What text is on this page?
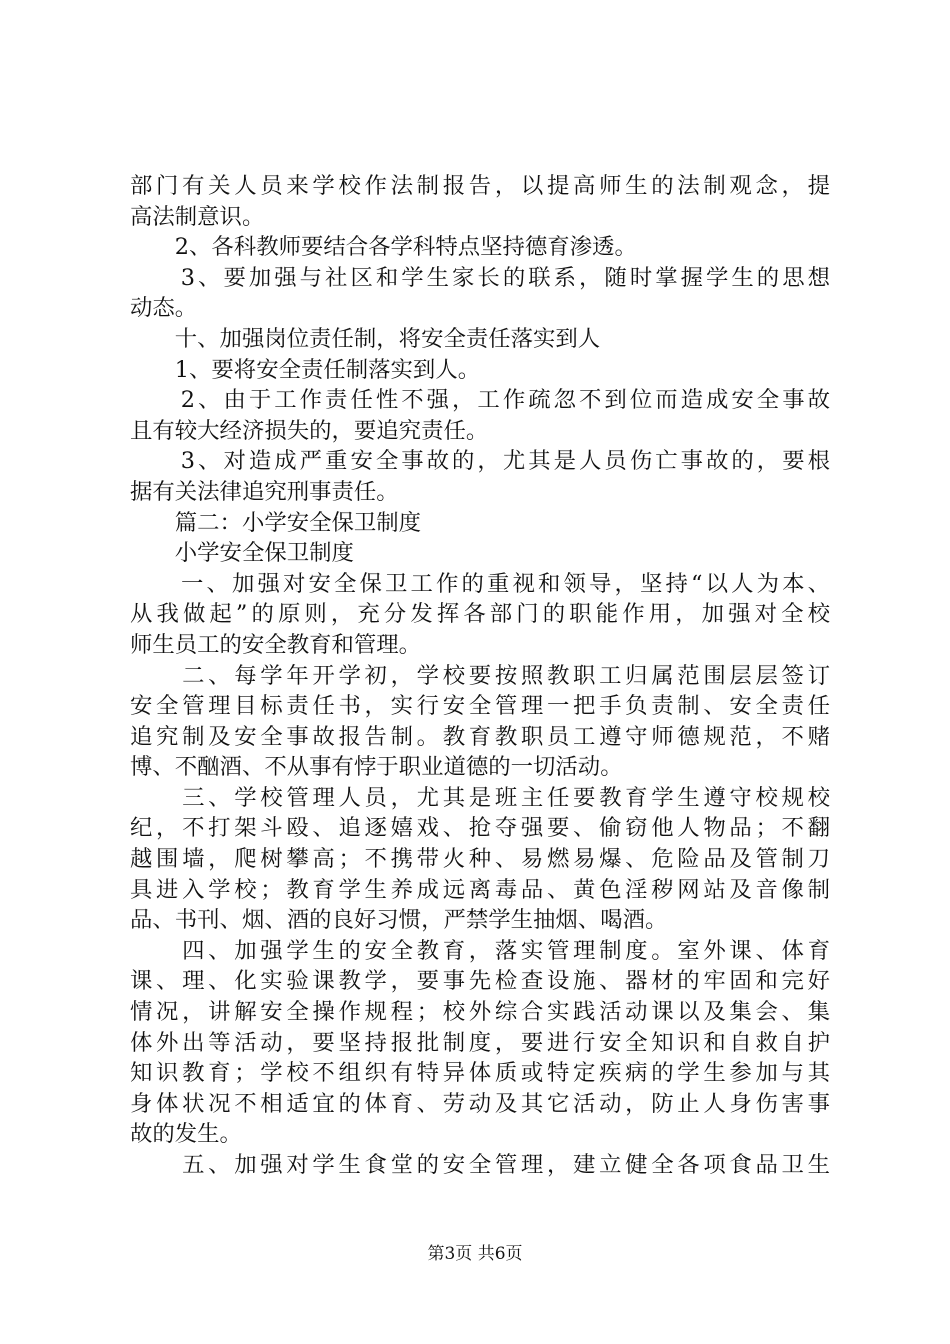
部门有关人员来学校作法制报告，以提高师生的法制观念，提
高法制意识。
　　2、各科教师要结合各学科特点坚持德育渗透。
　　3、要加强与社区和学生家长的联系，随时掌握学生的思想
动态。
　　十、加强岗位责任制，将安全责任落实到人
　　1、要将安全责任制落实到人。
　　2、由于工作责任性不强，工作疏忽不到位而造成安全事故
且有较大经济损失的，要追究责任。
　　3、对造成严重安全事故的，尤其是人员伤亡事故的，要根
据有关法律追究刑事责任。
　　篇二：小学安全保卫制度
　　小学安全保卫制度
　　一、加强对安全保卫工作的重视和领导，坚持“以人为本、
从我做起”的原则，充分发挥各部门的职能作用，加强对全校
师生员工的安全教育和管理。
　　二、每学年开学初，学校要按照教职工归属范围层层签订
安全管理目标责任书，实行安全管理一把手负责制、安全责任
追究制及安全事故报告制。教育教职员工遵守师德规范，不赌
博、不酗酒、不从事有悖于职业道德的一切活动。
　　三、学校管理人员，尤其是班主任要教育学生遵守校规校
纪，不打架斗殴、追逐嬉戏、抢夺强要、偷窃他人物品；不翻
越围墙，爬树攀高；不携带火种、易燃易爆、危险品及管制刀
具进入学校；教育学生养成远离毒品、黄色淫秽网站及音像制
品、书刊、烟、酒的良好习惯，严禁学生抽烟、喝酒。
　　四、加强学生的安全教育，落实管理制度。室外课、体育
课、理、化实验课教学，要事先检查设施、器材的牢固和完好
情况，讲解安全操作规程；校外综合实践活动课以及集会、集
体外出等活动，要坚持报批制度，要进行安全知识和自救自护
知识教育；学校不组织有特异体质或特定疾病的学生参加与其
身体状况不相适宜的体育、劳动及其它活动，防止人身伤害事
故的发生。
　　五、加强对学生食堂的安全管理，建立健全各项食品卫生
第3页 共6页
